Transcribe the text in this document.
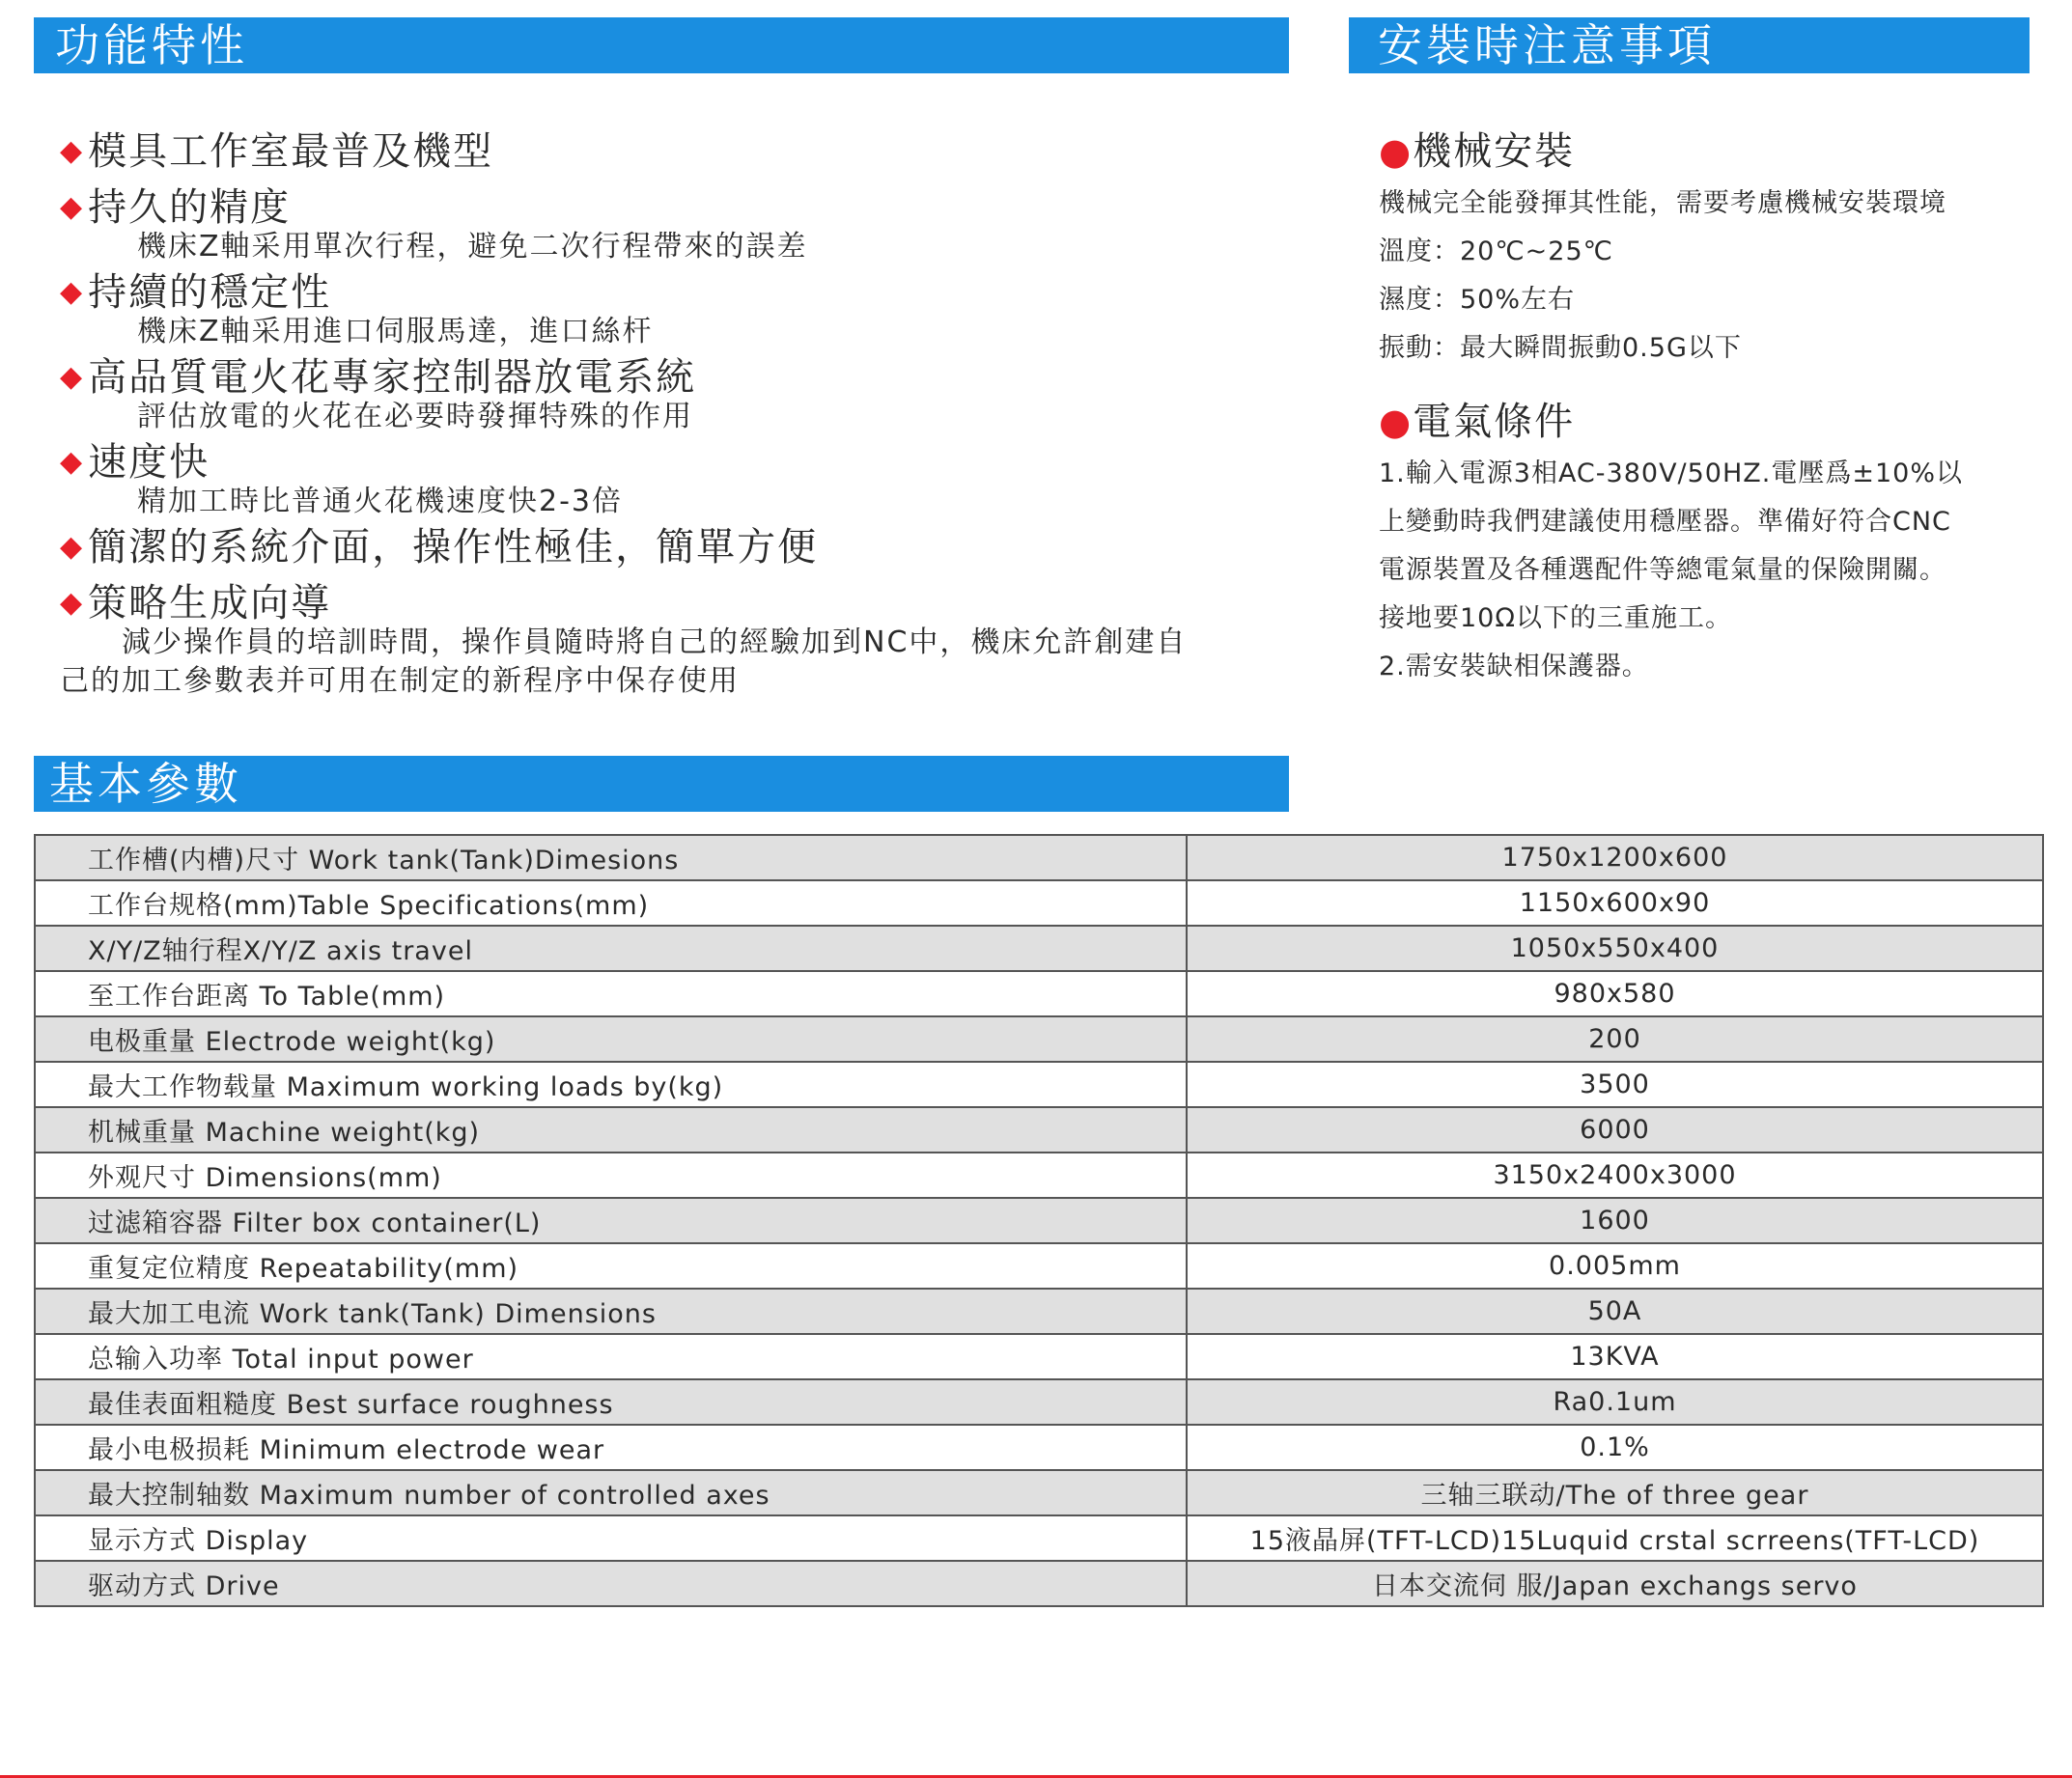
功能特性	安裝時注意事項
◆ 模具工作室最普及機型
◆ 持久的精度
機床Z軸采用單次行程，避免二次行程帶來的誤差
◆ 持續的穩定性
機床Z軸采用進口伺服馬達，進口絲杆
◆ 高品質電火花專家控制器放電系統
評估放電的火花在必要時發揮特殊的作用
◆ 速度快
精加工時比普通火花機速度快2-3倍
◆ 簡潔的系統介面，操作性極佳，簡單方便
◆ 策略生成向導
減少操作員的培訓時間，操作員隨時將自己的經驗加到NC中，機床允許創建自己的加工參數表并可用在制定的新程序中保存使用
●機械安裝
機械完全能發揮其性能，需要考慮機械安裝環境
溫度：20℃~25℃
濕度：50%左右
振動：最大瞬間振動0.5G以下
●電氣條件
1.輸入電源3相AC-380V/50HZ.電壓爲±10%以
上變動時我們建議使用穩壓器。準備好符合CNC
電源裝置及各種選配件等總電氣量的保險開關。
接地要10Ω以下的三重施工。
2.需安裝缺相保護器。
基本參數
工作槽(内槽)尺寸 Work tank(Tank)Dimesions	1750x1200x600
工作台规格(mm)Table Specifications(mm)	1150x600x90
X/Y/Z轴行程X/Y/Z axis travel	1050x550x400
至工作台距离 To Table(mm)	980x580
电极重量 Electrode weight(kg)	200
最大工作物载量 Maximum working loads by(kg)	3500
机械重量 Machine weight(kg)	6000
外观尺寸 Dimensions(mm)	3150x2400x3000
过滤箱容器 Filter box container(L)	1600
重复定位精度 Repeatability(mm)	0.005mm
最大加工电流 Work tank(Tank) Dimensions	50A
总输入功率 Total input power	13KVA
最佳表面粗糙度 Best surface roughness	Ra0.1um
最小电极损耗 Minimum electrode wear	0.1%
最大控制轴数 Maximum number of controlled axes	三轴三联动/The of three gear
显示方式 Display	15液晶屏(TFT-LCD)15Luquid crstal scrreens(TFT-LCD)
驱动方式 Drive	日本交流伺 服/Japan exchangs servo
